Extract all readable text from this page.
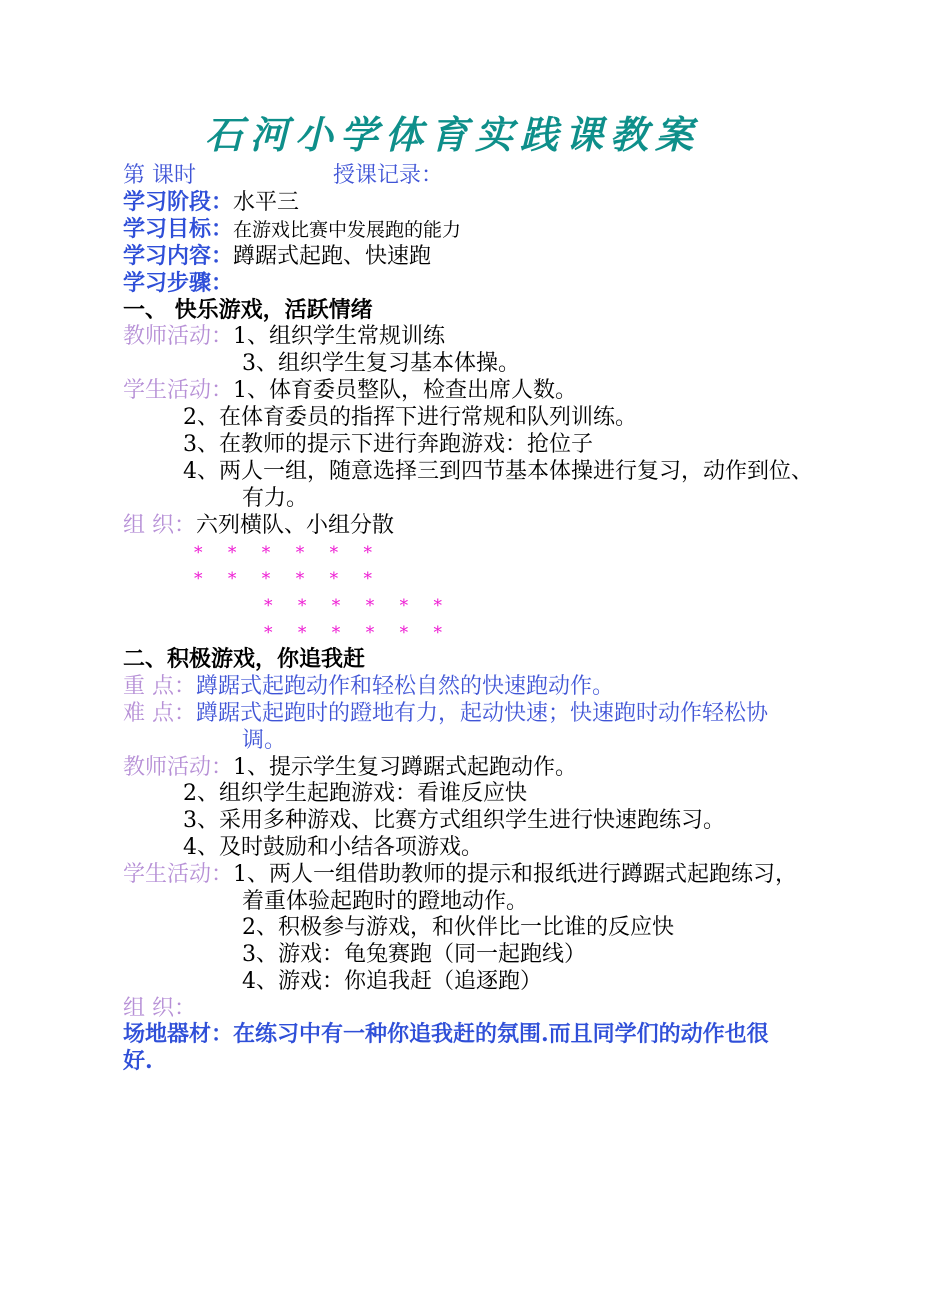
石河小学体育实践课教案
第 课时	授课记录：
学习阶段：水平三
学习目标：在游戏比赛中发展跑的能力
学习内容：蹲踞式起跑、快速跑
学习步骤：
一、 快乐游戏，活跃情绪
教师活动：1、组织学生常规训练
3、组织学生复习基本体操。
学生活动：1、体育委员整队，检查出席人数。
2、在体育委员的指挥下进行常规和队列训练。
3、在教师的提示下进行奔跑游戏：抢位子
4、两人一组，随意选择三到四节基本体操进行复习，动作到位、
有力。
组 织：六列横队、小组分散
* * * * * *
* * * * * *
* * * * * *
* * * * * *
二、积极游戏，你追我赶
重 点：蹲踞式起跑动作和轻松自然的快速跑动作。
难 点：蹲踞式起跑时的蹬地有力，起动快速；快速跑时动作轻松协
调。
教师活动：1、提示学生复习蹲踞式起跑动作。
2、组织学生起跑游戏：看谁反应快
3、采用多种游戏、比赛方式组织学生进行快速跑练习。
4、及时鼓励和小结各项游戏。
学生活动：1、两人一组借助教师的提示和报纸进行蹲踞式起跑练习，
着重体验起跑时的蹬地动作。
2、积极参与游戏，和伙伴比一比谁的反应快
3、游戏：龟兔赛跑（同一起跑线）
4、游戏：你追我赶（追逐跑）
组 织：
场地器材：在练习中有一种你追我赶的氛围.而且同学们的动作也很
好.
